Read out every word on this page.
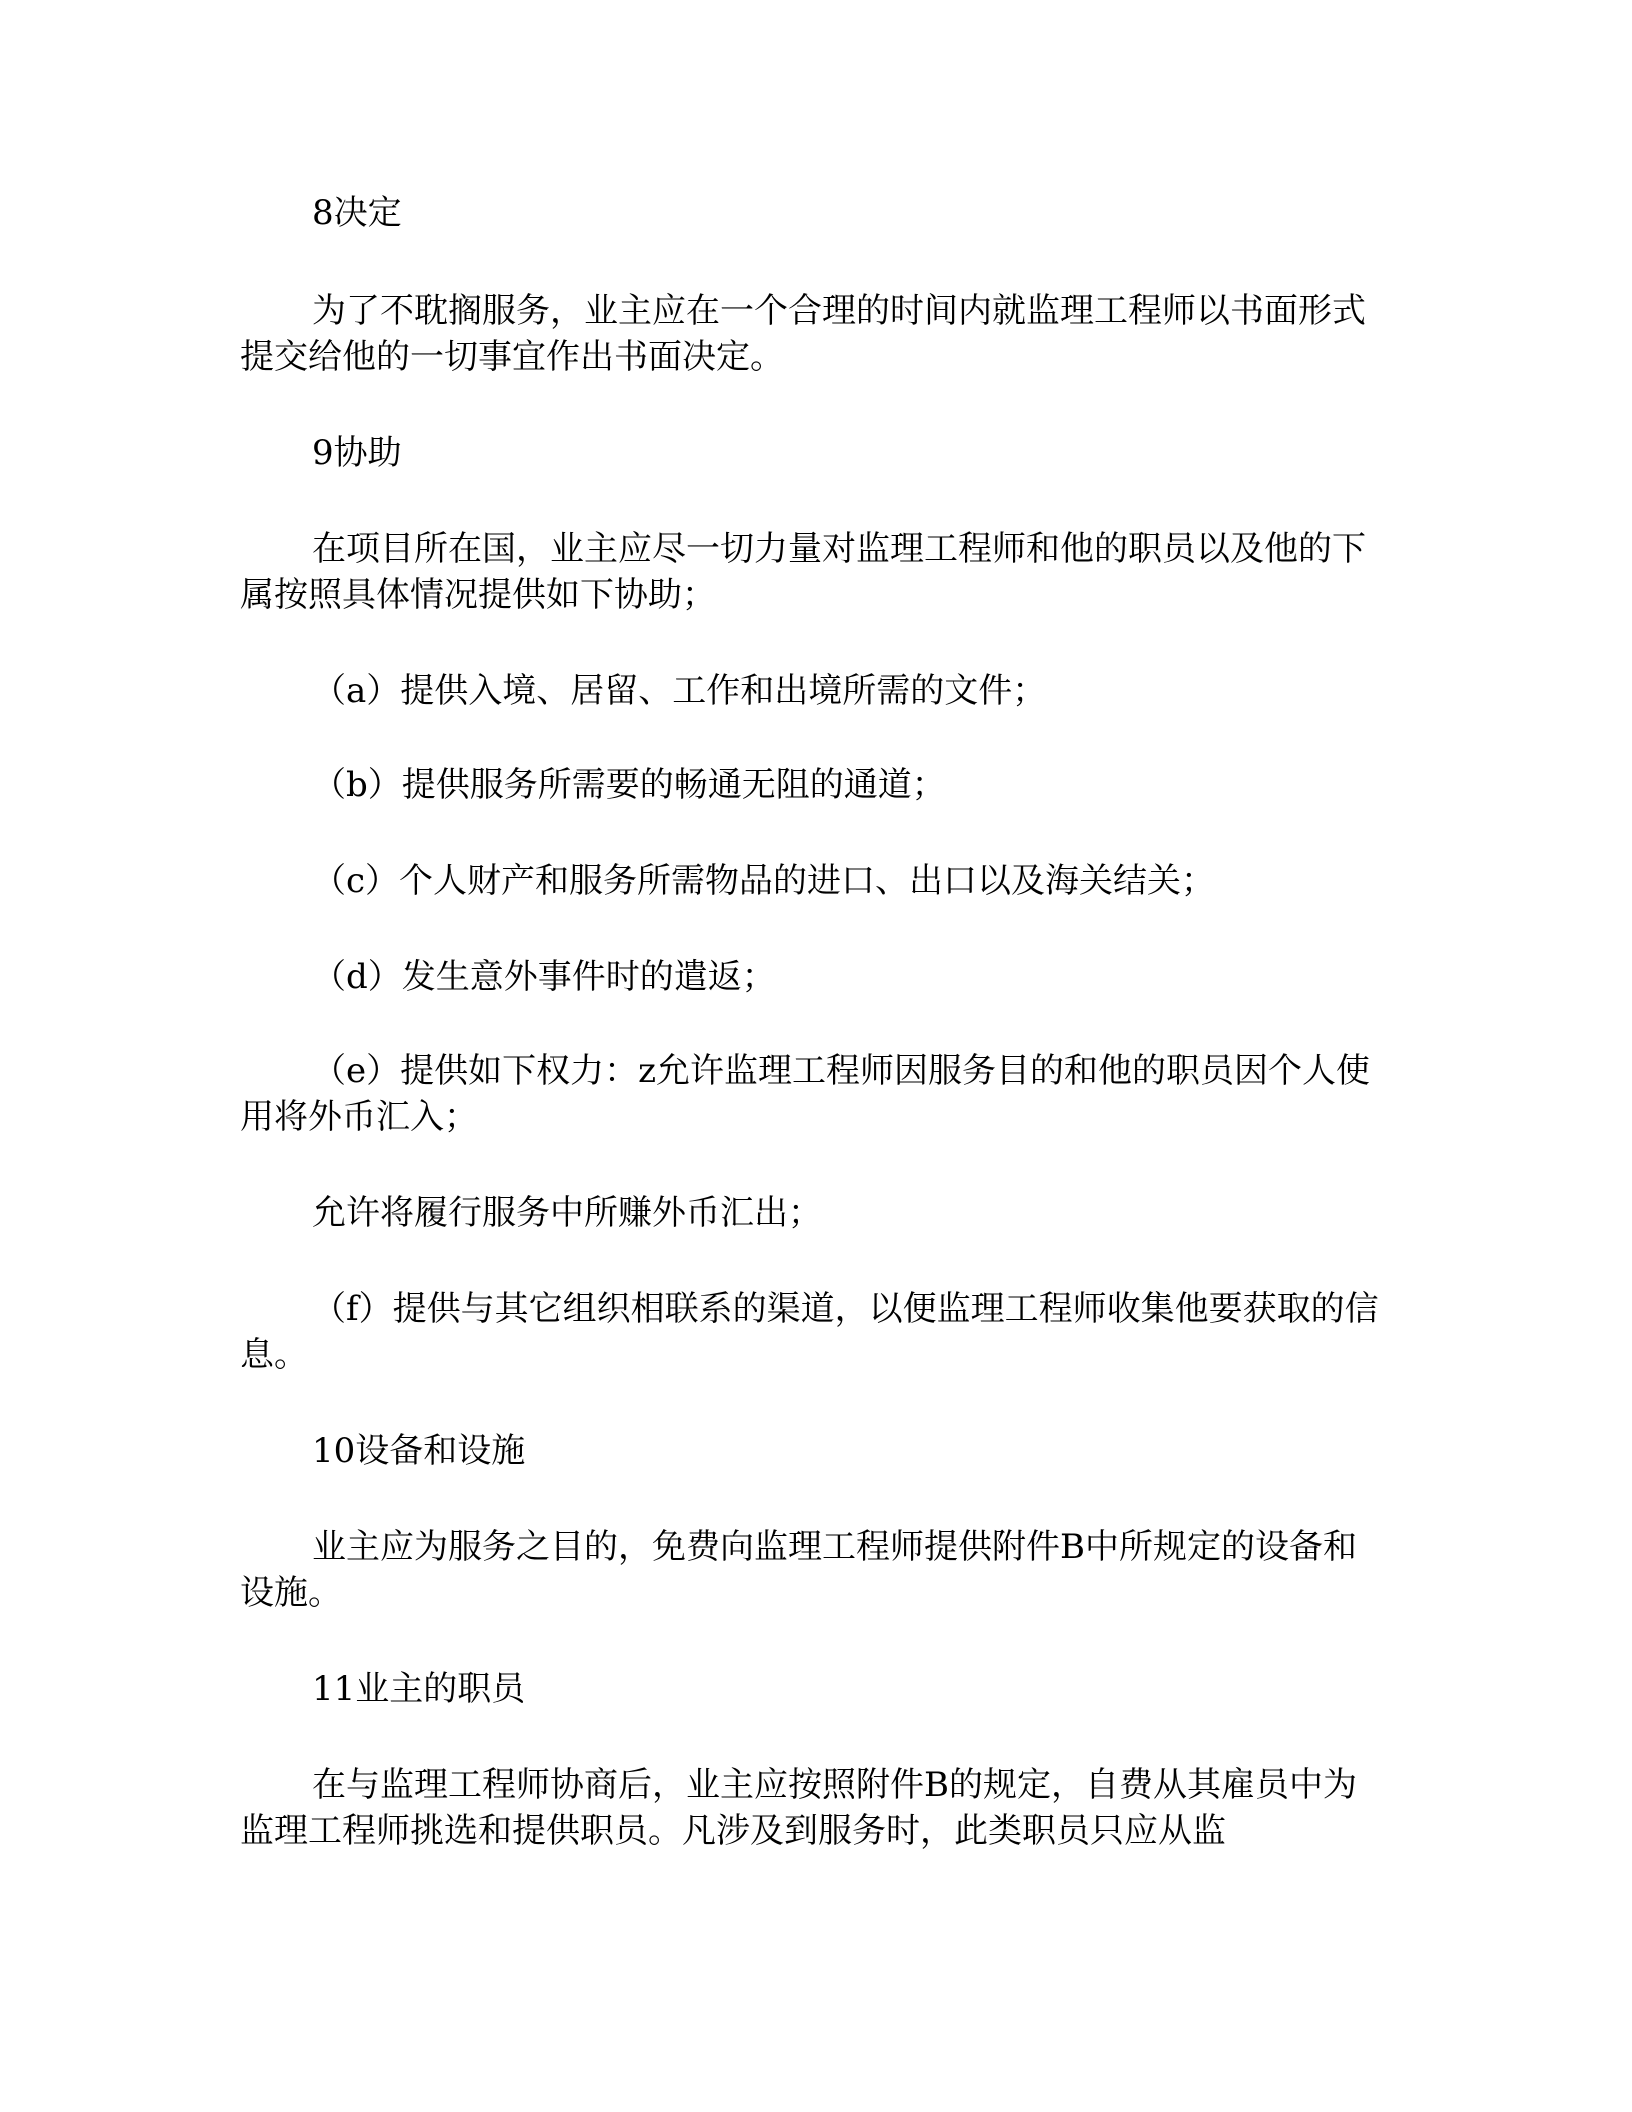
8决定
为了不耽搁服务，业主应在一个合理的时间内就监理工程师以书面形式提交给他的一切事宜作出书面决定。
9协助
在项目所在国，业主应尽一切力量对监理工程师和他的职员以及他的下属按照具体情况提供如下协助；
（a）提供入境、居留、工作和出境所需的文件；
（b）提供服务所需要的畅通无阻的通道；
（c）个人财产和服务所需物品的进口、出口以及海关结关；
（d）发生意外事件时的遣返；
（e）提供如下权力：z允许监理工程师因服务目的和他的职员因个人使用将外币汇入；
允许将履行服务中所赚外币汇出；
（f）提供与其它组织相联系的渠道，以便监理工程师收集他要获取的信息。
10设备和设施
业主应为服务之目的，免费向监理工程师提供附件B中所规定的设备和设施。
11业主的职员
在与监理工程师协商后，业主应按照附件B的规定，自费从其雇员中为监理工程师挑选和提供职员。凡涉及到服务时，此类职员只应从监
